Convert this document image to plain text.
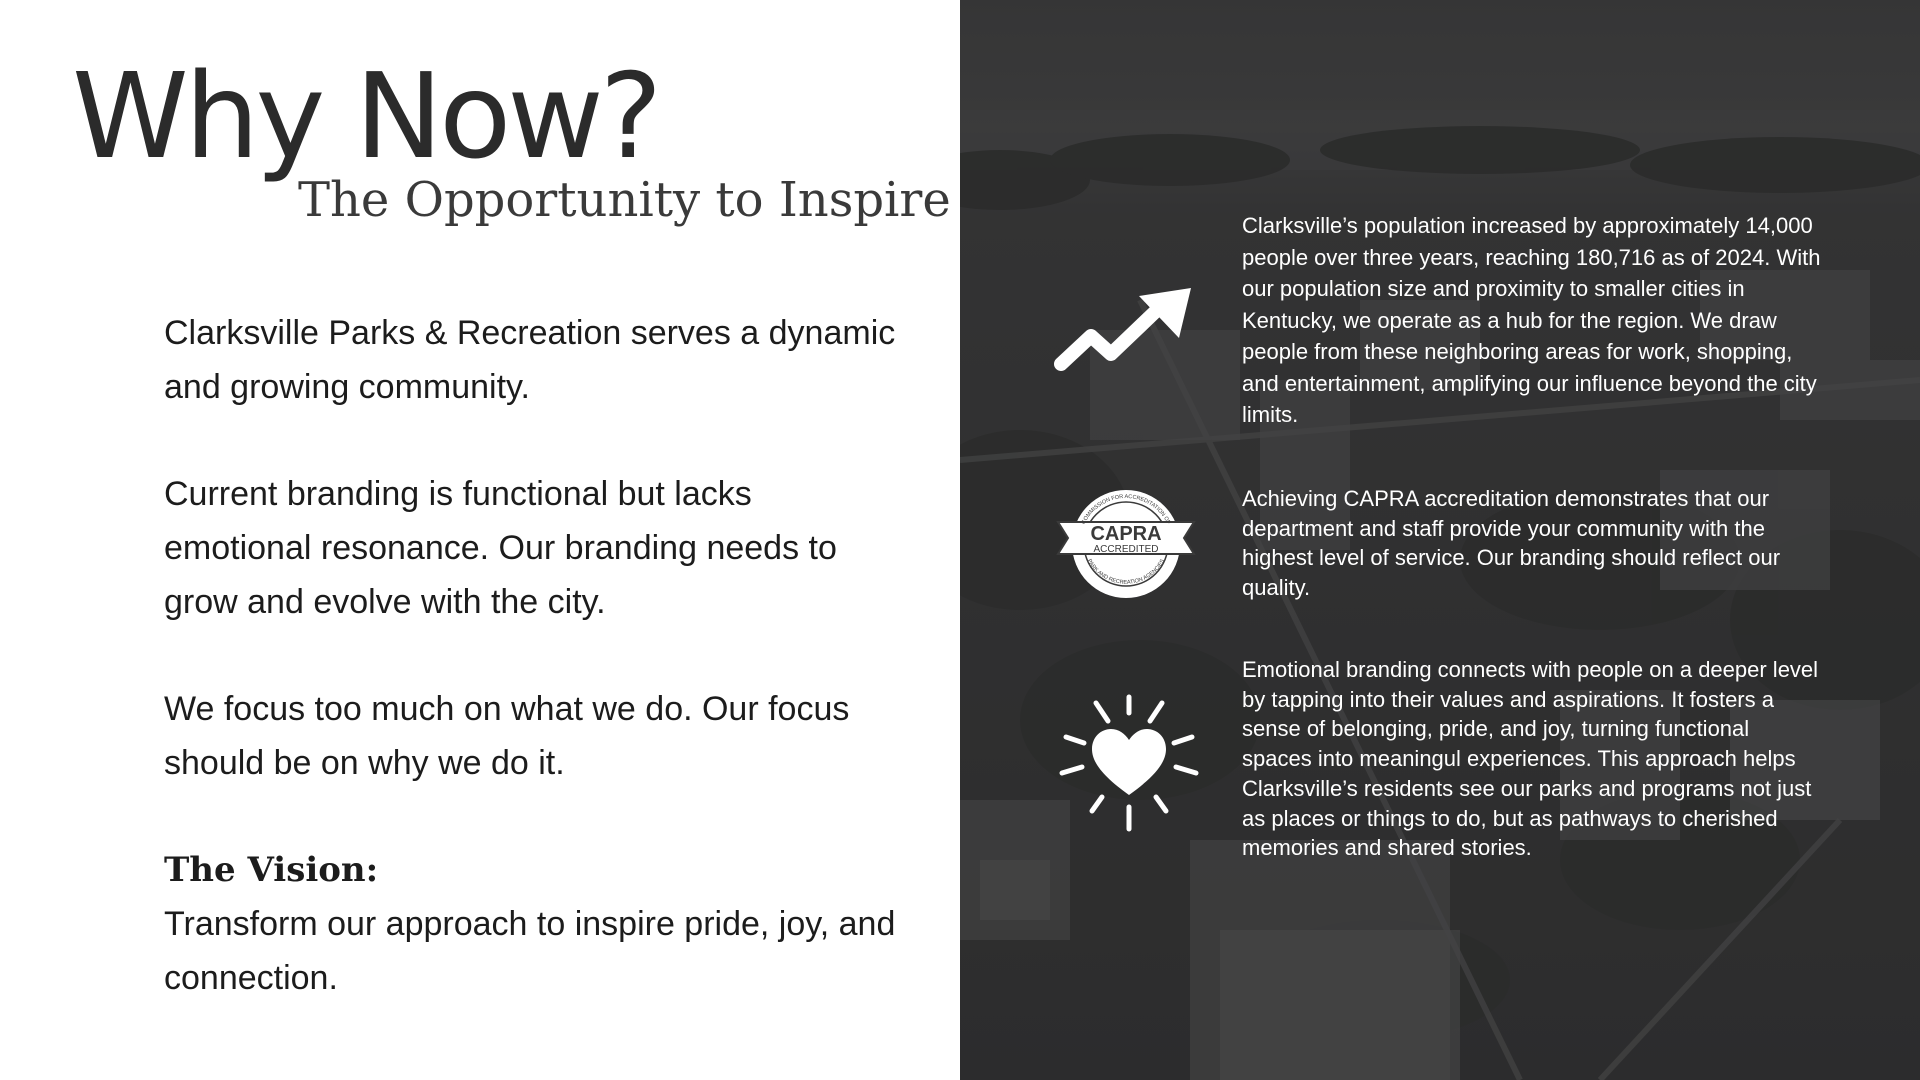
Why Now?
The Opportunity to Inspire

Clarksville Parks & Recreation serves a dynamic and growing community.

Current branding is functional but lacks emotional resonance. Our branding needs to grow and evolve with the city.

We focus too much on what we do. Our focus should be on why we do it.

The Vision:

Transform our approach to inspire pride, joy, and connection.

Clarksville’s population increased by approximately 14,000 people over three years, reaching 180,716 as of 2024. With our population size and proximity to smaller cities in Kentucky, we operate as a hub for the region. We draw people from these neighboring areas for work, shopping, and entertainment, amplifying our influence beyond the city limits.

CAPRA
ACCREDITED
COMMISSION FOR ACCREDITATION OF
PARK AND RECREATION AGENCIES

Achieving CAPRA accreditation demonstrates that our department and staff provide your community with the highest level of service. Our branding should reflect our quality.

Emotional branding connects with people on a deeper level by tapping into their values and aspirations. It fosters a sense of belonging, pride, and joy, turning functional spaces into meaningul experiences. This approach helps Clarksville’s residents see our parks and programs not just as places or things to do, but as pathways to cherished memories and shared stories.
